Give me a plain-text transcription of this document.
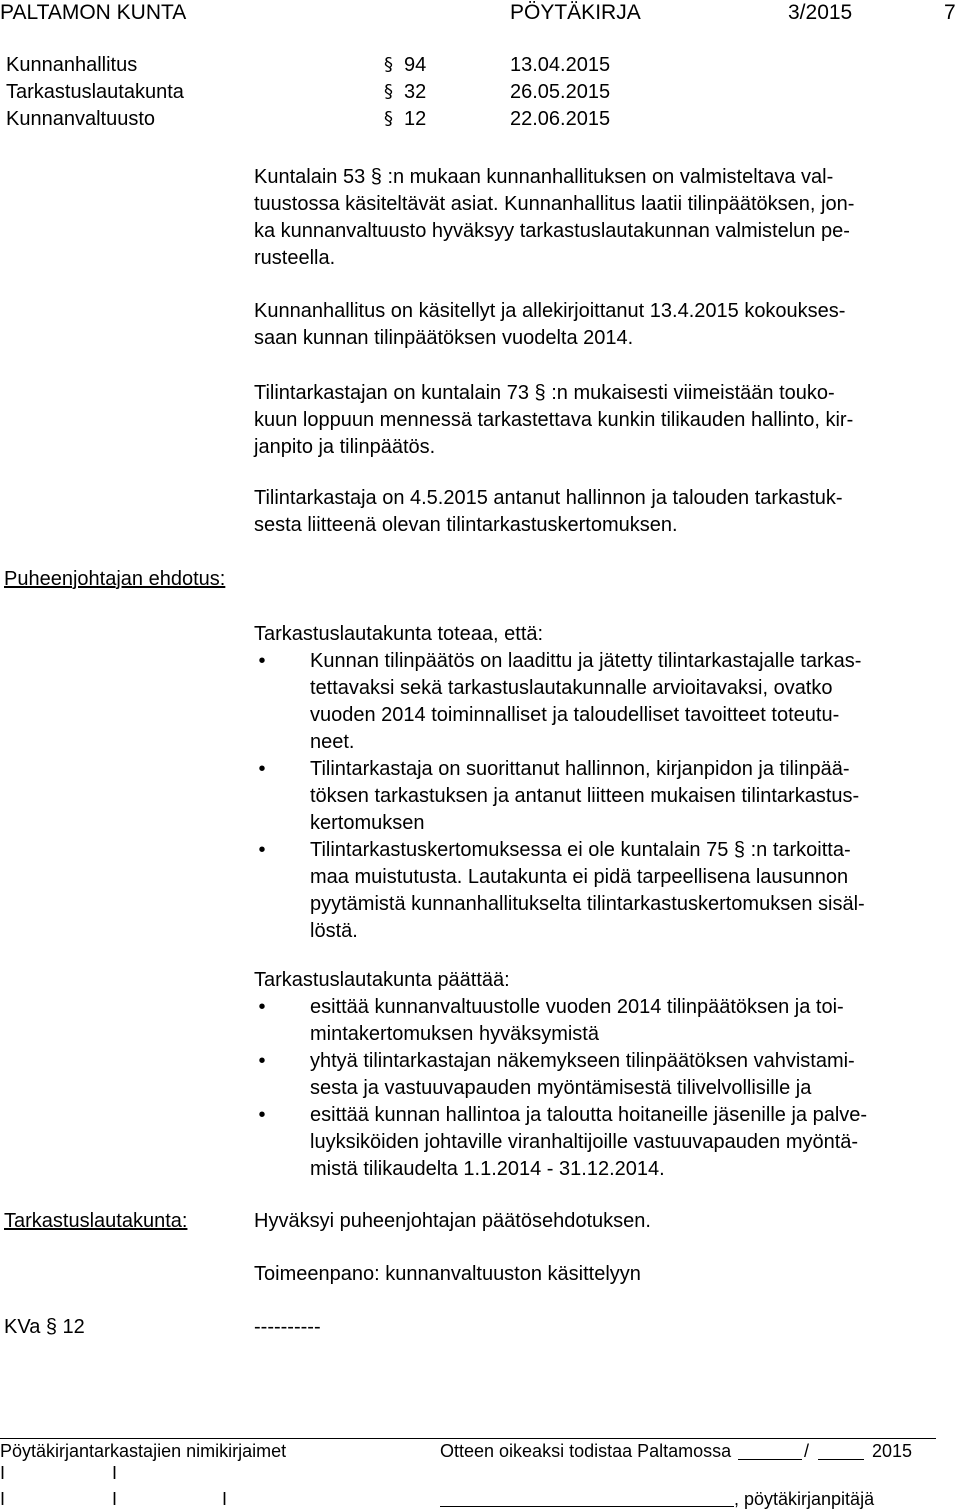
PALTAMON KUNTA	PÖYTÄKIRJA	3/2015	7
Kunnanhallitus	§ 94	13.04.2015
Tarkastuslautakunta	§ 32	26.05.2015
Kunnanvaltuusto	§ 12	22.06.2015

Kuntalain 53 § :n mukaan kunnanhallituksen on valmisteltava val-
tuustossa käsiteltävät asiat. Kunnanhallitus laatii tilinpäätöksen, jon-
ka kunnanvaltuusto hyväksyy tarkastuslautakunnan valmistelun pe-
rusteella.

Kunnanhallitus on käsitellyt ja allekirjoittanut 13.4.2015 kokoukses-
saan kunnan tilinpäätöksen vuodelta 2014.

Tilintarkastajan on kuntalain 73 § :n mukaisesti viimeistään touko-
kuun loppuun mennessä tarkastettava kunkin tilikauden hallinto, kir-
janpito ja tilinpäätös.

Tilintarkastaja on 4.5.2015 antanut hallinnon ja talouden tarkastuk-
sesta liitteenä olevan tilintarkastuskertomuksen.

Puheenjohtajan ehdotus:

Tarkastuslautakunta toteaa, että:

•
Kunnan tilinpäätös on laadittu ja jätetty tilintarkastajalle tarkas-
tettavaksi sekä tarkastuslautakunnalle arvioitavaksi, ovatko
vuoden 2014 toiminnalliset ja taloudelliset tavoitteet toteutu-
neet.
•
Tilintarkastaja on suorittanut hallinnon, kirjanpidon ja tilinpää-
töksen tarkastuksen ja antanut liitteen mukaisen tilintarkastus-
kertomuksen
•
Tilintarkastuskertomuksessa ei ole kuntalain 75 § :n tarkoitta-
maa muistutusta. Lautakunta ei pidä tarpeellisena lausunnon
pyytämistä kunnanhallitukselta tilintarkastuskertomuksen sisäl-
löstä.

Tarkastuslautakunta päättää:

•
esittää kunnanvaltuustolle vuoden 2014 tilinpäätöksen ja toi-
mintakertomuksen hyväksymistä
•
yhtyä tilintarkastajan näkemykseen tilinpäätöksen vahvistami-
sesta ja vastuuvapauden myöntämisestä tilivelvollisille ja
•
esittää kunnan hallintoa ja taloutta hoitaneille jäsenille ja palve-
luyksiköiden johtaville viranhaltijoille vastuuvapauden myöntä-
mistä tilikaudelta 1.1.2014 - 31.12.2014.
Tarkastuslautakunta:	Hyväksyi puheenjohtajan päätösehdotuksen.
Toimeenpano: kunnanvaltuuston käsittelyyn
KVa § 12	----------
Pöytäkirjantarkastajien nimikirjaimet	Otteen oikeaksi todistaa Paltamossa	/	2015
I	I
I	I	I	, pöytäkirjanpitäjä
